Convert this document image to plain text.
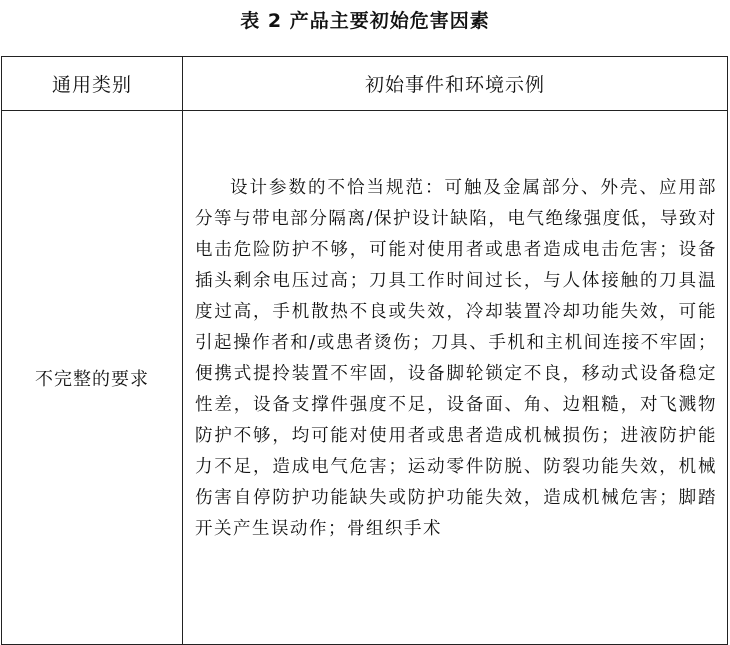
表 2 产品主要初始危害因素
通用类别	初始事件和环境示例
不完整的要求	设计参数的不恰当规范：可触及金属部分、外壳、应用部分等与带电部分隔离/保护设计缺陷，电气绝缘强度低，导致对电击危险防护不够，可能对使用者或患者造成电击危害；设备插头剩余电压过高；刀具工作时间过长，与人体接触的刀具温度过高，手机散热不良或失效，冷却装置冷却功能失效，可能引起操作者和/或患者烫伤；刀具、手机和主机间连接不牢固；便携式提拎装置不牢固，设备脚轮锁定不良，移动式设备稳定性差，设备支撑件强度不足，设备面、角、边粗糙，对飞溅物防护不够，均可能对使用者或患者造成机械损伤；进液防护能力不足，造成电气危害；运动零件防脱、防裂功能失效，机械伤害自停防护功能缺失或防护功能失效，造成机械危害；脚踏开关产生误动作；骨组织手术
